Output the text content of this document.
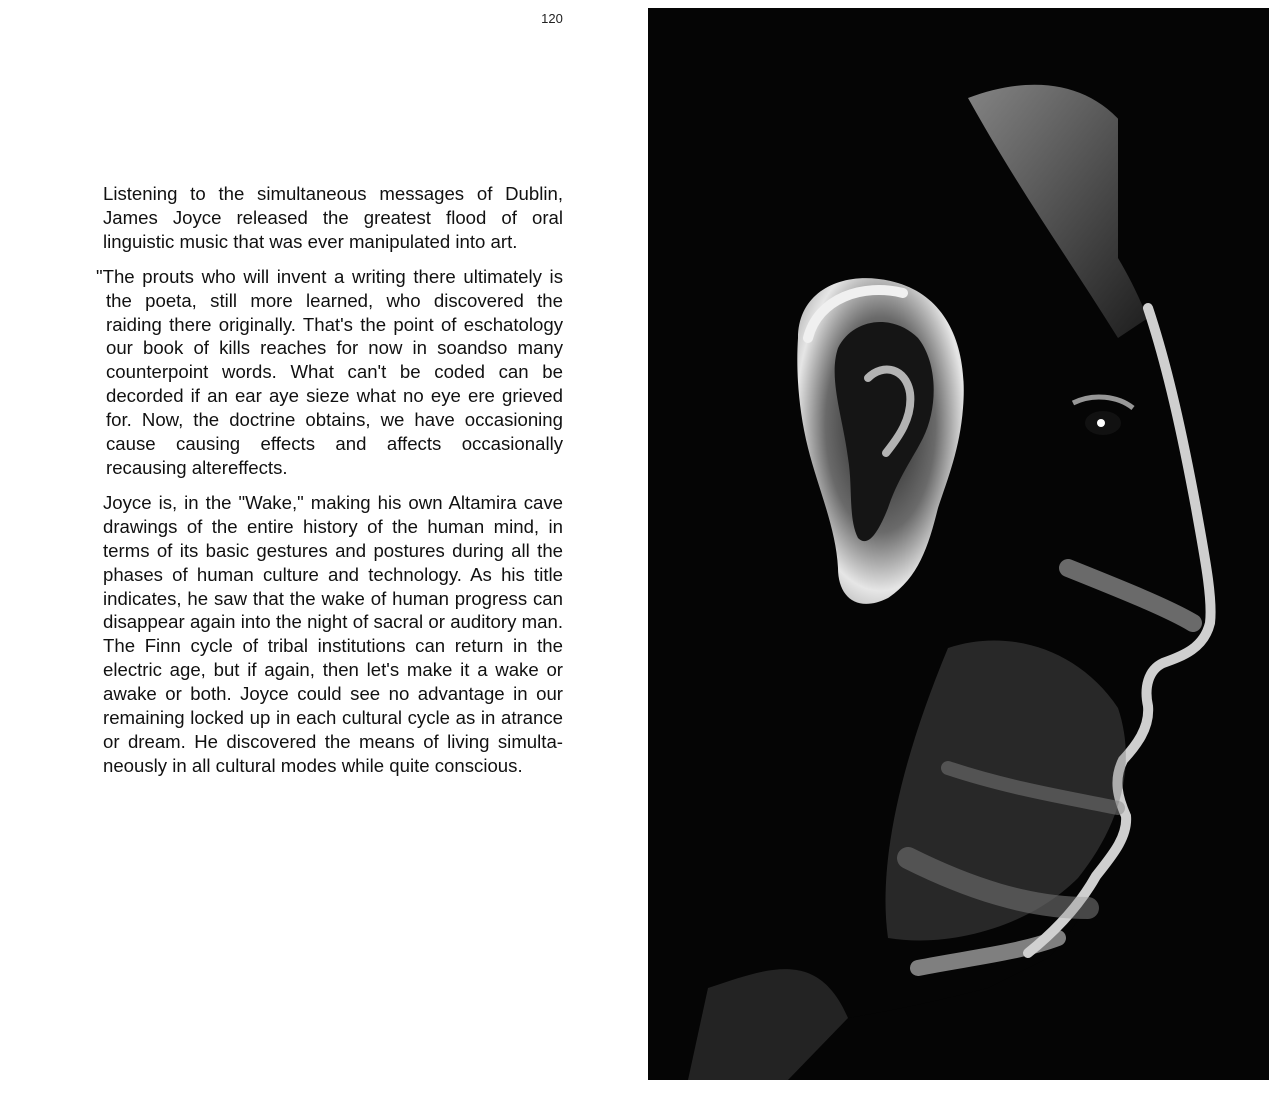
120

Listening to the simultaneous messages of Dublin, James Joyce released the greatest flood of oral linguistic music that was ever manipulated into art.

"The prouts who will invent a writing there ultimately is the poeta, still more learned, who discovered the raiding there originally. That's the point of eschatology our book of kills reaches for now in soandso many counterpoint words. What can't be coded can be decorded if an ear aye sieze what no eye ere grieved for. Now, the doctrine obtains, we have occasioning cause causing effects and affects occasionally recausing altereffects.

Joyce is, in the "Wake," making his own Altamira cave drawings of the entire history of the human mind, in terms of its basic gestures and postures during all the phases of human culture and technology. As his title indicates, he saw that the wake of human progress can disappear again into the night of sacral or auditory man. The Finn cycle of tribal institutions can return in the electric age, but if again, then let's make it a wake or awake or both. Joyce could see no advantage in our remaining locked up in each cultural cycle as in atrance or dream. He discovered the means of living simultaneously in all cultural modes while quite conscious.
